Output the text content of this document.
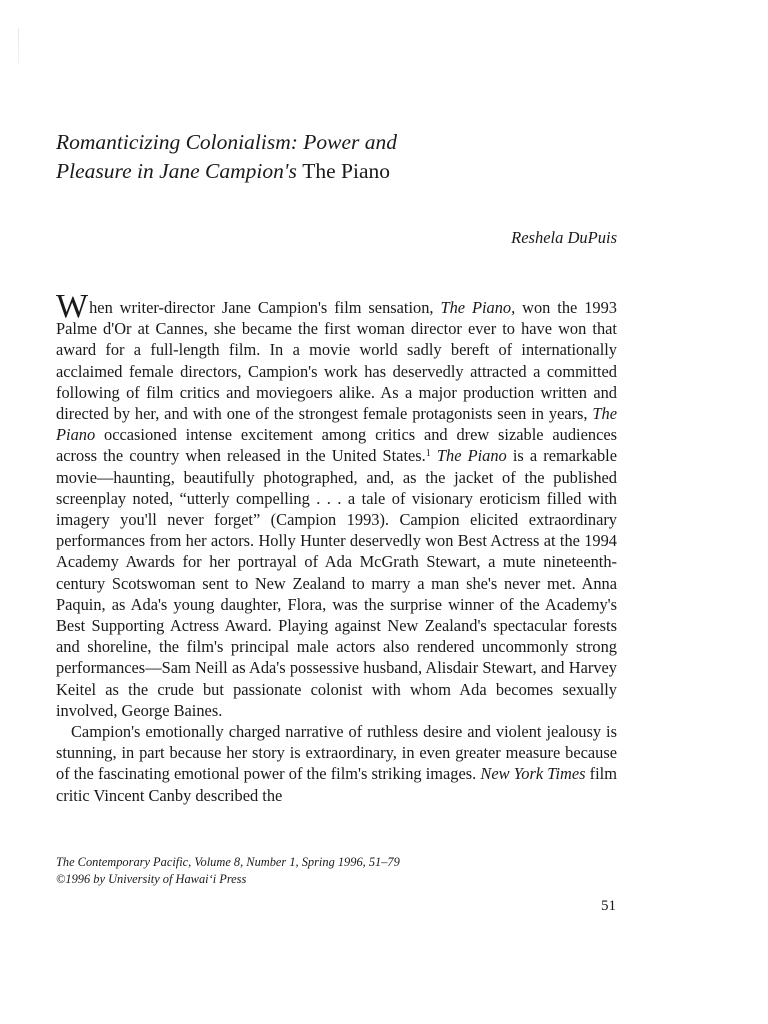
Romanticizing Colonialism: Power and
Pleasure in Jane Campion's The Piano
Reshela DuPuis

When writer-director Jane Campion's film sensation, The Piano, won the 1993 Palme d'Or at Cannes, she became the first woman director ever to have won that award for a full-length film. In a movie world sadly bereft of internationally acclaimed female directors, Campion's work has deservedly attracted a committed following of film critics and moviegoers alike. As a major production written and directed by her, and with one of the strongest female protagonists seen in years, The Piano occasioned intense excitement among critics and drew sizable audiences across the country when released in the United States.$^1$ The Piano is a remarkable movie—haunting, beautifully photographed, and, as the jacket of the published screenplay noted, “utterly compelling . . . a tale of visionary eroticism filled with imagery you'll never forget” (Campion 1993). Campion elicited extraordinary performances from her actors. Holly Hunter deservedly won Best Actress at the 1994 Academy Awards for her portrayal of Ada McGrath Stewart, a mute nineteenth-century Scotswoman sent to New Zealand to marry a man she's never met. Anna Paquin, as Ada's young daughter, Flora, was the surprise winner of the Academy's Best Supporting Actress Award. Playing against New Zealand's spectacular forests and shoreline, the film's principal male actors also rendered uncommonly strong performances—Sam Neill as Ada's possessive husband, Alisdair Stewart, and Harvey Keitel as the crude but passionate colonist with whom Ada becomes sexually involved, George Baines.

Campion's emotionally charged narrative of ruthless desire and violent jealousy is stunning, in part because her story is extraordinary, in even greater measure because of the fascinating emotional power of the film's striking images. New York Times film critic Vincent Canby described the

The Contemporary Pacific, Volume 8, Number 1, Spring 1996, 51–79
©1996 by University of Hawai‘i Press
51
